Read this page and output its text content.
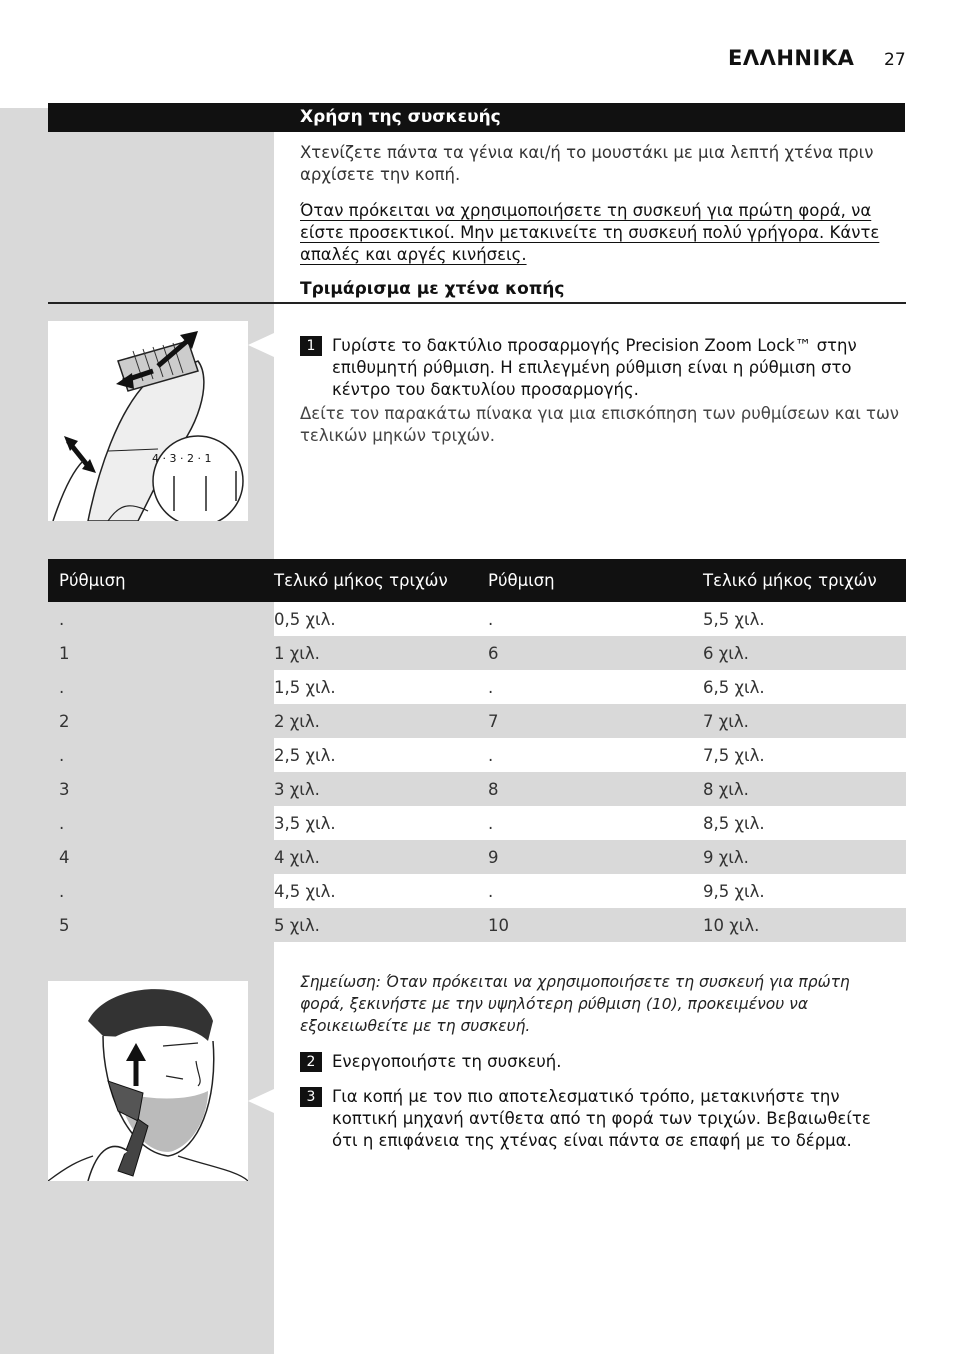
ΕΛΛΗΝΙΚΑ 27
Χρήση της συσκευής
Χτενίζετε πάντα τα γένια και/ή το μουστάκι με μια λεπτή χτένα πριν αρχίσετε την κοπή.
Όταν πρόκειται να χρησιμοποιήσετε τη συσκευή για πρώτη φορά, να
είστε προσεκτικοί. Μην μετακινείτε τη συσκευή πολύ γρήγορα. Κάντε
απαλές και αργές κινήσεις.
Τριμάρισμα με χτένα κοπής
4 · 3 · 2 · 1
1	Γυρίστε το δακτύλιο προσαρμογής Precision Zoom Lock™ στην επιθυμητή ρύθμιση. Η επιλεγμένη ρύθμιση είναι η ρύθμιση στο κέντρο του δακτυλίου προσαρμογής.
Δείτε τον παρακάτω πίνακα για μια επισκόπηση των ρυθμίσεων και των τελικών μηκών τριχών.
Ρύθμιση	Τελικό μήκος τριχών	Ρύθμιση	Τελικό μήκος τριχών
.	0,5 χιλ.	.	5,5 χιλ.
1	1 χιλ.	6	6 χιλ.
.	1,5 χιλ.	.	6,5 χιλ.
2	2 χιλ.	7	7 χιλ.
.	2,5 χιλ.	.	7,5 χιλ.
3	3 χιλ.	8	8 χιλ.
.	3,5 χιλ.	.	8,5 χιλ.
4	4 χιλ.	9	9 χιλ.
.	4,5 χιλ.	.	9,5 χιλ.
5	5 χιλ.	10	10 χιλ.
Σημείωση: Όταν πρόκειται να χρησιμοποιήσετε τη συσκευή για πρώτη φορά, ξεκινήστε με την υψηλότερη ρύθμιση (10), προκειμένου να εξοικειωθείτε με τη συσκευή.
2	Ενεργοποιήστε τη συσκευή.
3	Για κοπή με τον πιο αποτελεσματικό τρόπο, μετακινήστε την κοπτική μηχανή αντίθετα από τη φορά των τριχών. Βεβαιωθείτε ότι η επιφάνεια της χτένας είναι πάντα σε επαφή με το δέρμα.
